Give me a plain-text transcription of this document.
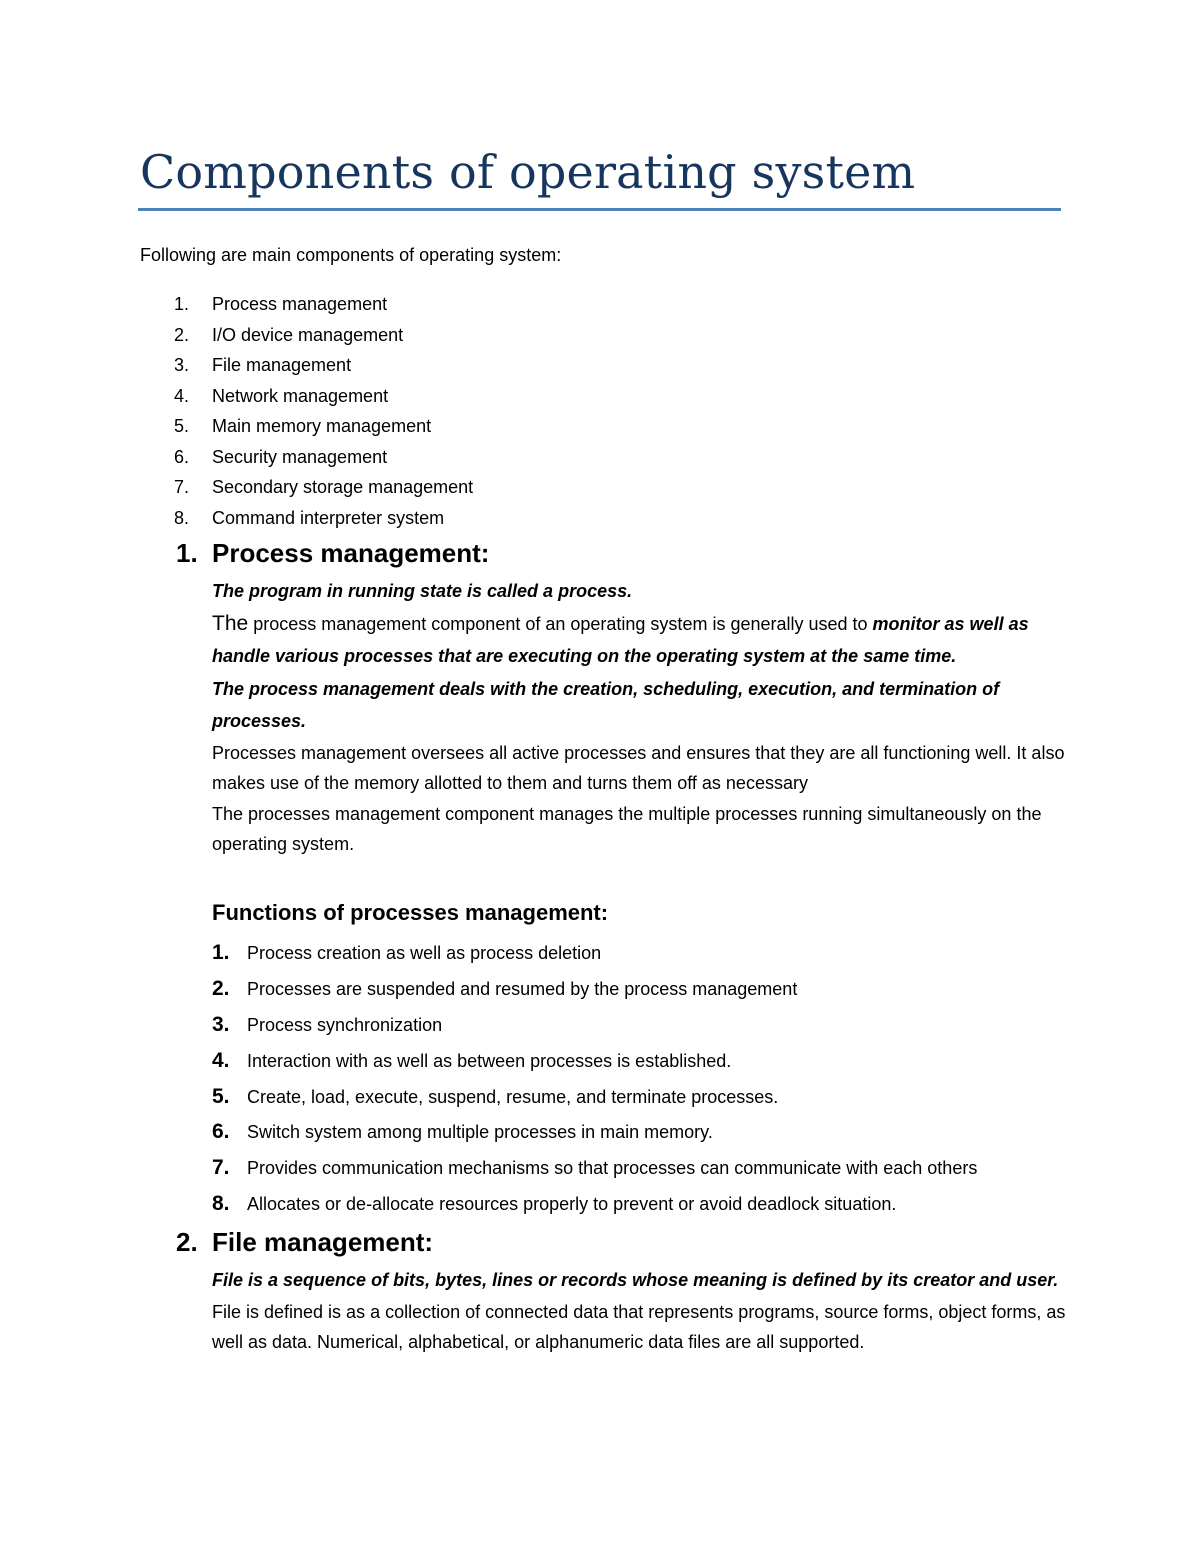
Components of operating system
Following are main components of operating system:
1.	Process management
2.	I/O device management
3.	File management
4.	Network management
5.	Main memory management
6.	Security management
7.	Secondary storage management
8.	Command interpreter system
1. Process management:

The program in running state is called a process.

The process management component of an operating system is generally used to monitor as well as handle various processes that are executing on the operating system at the same time.

The process management deals with the creation, scheduling, execution, and termination of processes.

Processes management oversees all active processes and ensures that they are all functioning well. It also makes use of the memory allotted to them and turns them off as necessary

The processes management component manages the multiple processes running simultaneously on the operating system.

Functions of processes management:
1. Process creation as well as process deletion
2. Processes are suspended and resumed by the process management
3. Process synchronization
4. Interaction with as well as between processes is established.
5. Create, load, execute, suspend, resume, and terminate processes.
6. Switch system among multiple processes in main memory.
7. Provides communication mechanisms so that processes can communicate with each others
8. Allocates or de-allocate resources properly to prevent or avoid deadlock situation.
2. File management:

File is a sequence of bits, bytes, lines or records whose meaning is defined by its creator and user.

File is defined is as a collection of connected data that represents programs, source forms, object forms, as well as data. Numerical, alphabetical, or alphanumeric data files are all supported.
